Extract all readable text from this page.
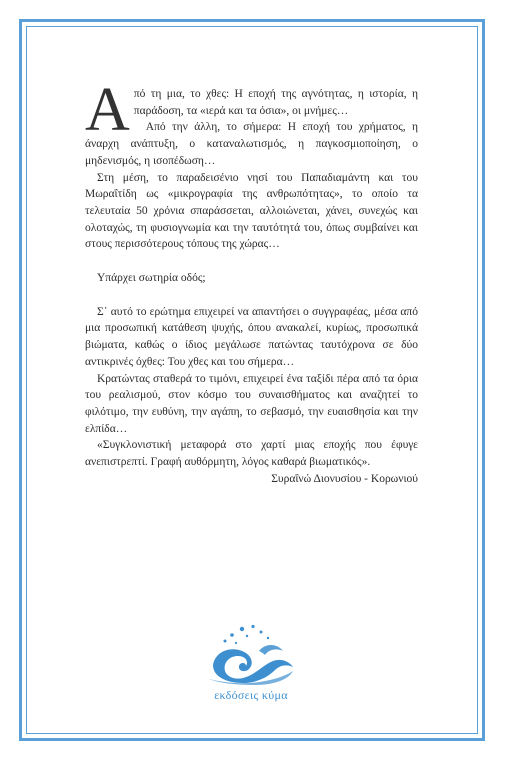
Από τη μια, το χθες: Η εποχή της αγνότητας, η ιστορία, η παράδοση, τα «ιερά και τα όσια», οι μνήμες…

Από την άλλη, το σήμερα: Η εποχή του χρήματος, η άναρχη ανάπτυξη, ο καταναλωτισμός, η παγκοσμιοποίηση, ο μηδενισμός, η ισοπέδωση…

Στη μέση, το παραδεισένιο νησί του Παπαδιαμάντη και του Μωραΐτίδη ως «μικρογραφία της ανθρωπότητας», το οποίο τα τελευταία 50 χρόνια σπαράσσεται, αλλοιώνεται, χάνει, συνεχώς και ολοταχώς, τη φυσιογνωμία και την ταυτότητά του, όπως συμβαίνει και στους περισσότερους τόπους της χώρας…

Υπάρχει σωτηρία οδός;

Σ᾽ αυτό το ερώτημα επιχειρεί να απαντήσει ο συγγραφέας, μέσα από μια προσωπική κατάθεση ψυχής, όπου ανακαλεί, κυρίως, προσωπικά βιώματα, καθώς ο ίδιος μεγάλωσε πατώντας ταυτόχρονα σε δύο αντικρινές όχθες: Του χθες και του σήμερα…

Κρατώντας σταθερά το τιμόνι, επιχειρεί ένα ταξίδι πέρα από τα όρια του ρεαλισμού, στον κόσμο του συναισθήματος και αναζητεί το φιλότιμο, την ευθύνη, την αγάπη, το σεβασμό, την ευαισθησία και την ελπίδα…

«Συγκλονιστική μεταφορά στο χαρτί μιας εποχής που έφυγε ανεπιστρεπτί. Γραφή αυθόρμητη, λόγος καθαρά βιωματικός».

Συραΐνώ Διονυσίου - Κορωνιού

εκδόσεις κύμα
